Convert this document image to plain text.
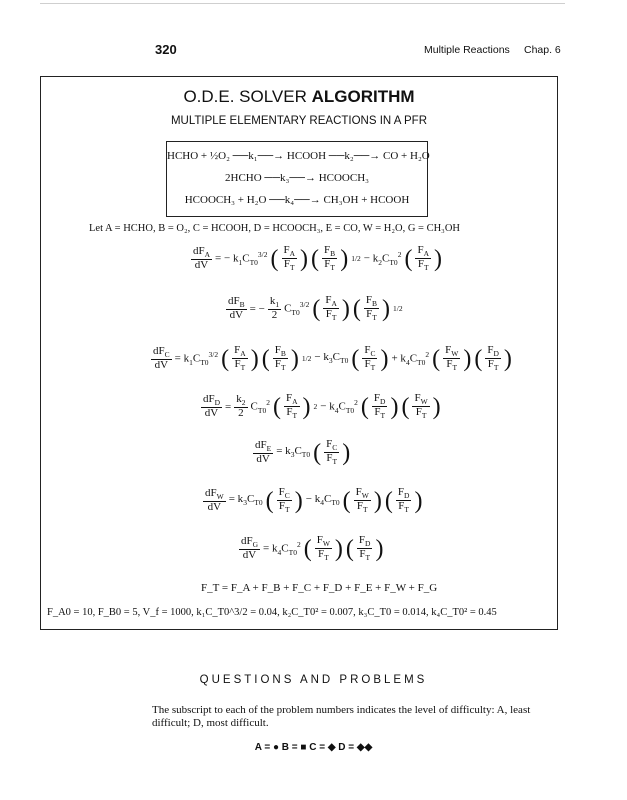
320	Multiple Reactions Chap. 6
O.D.E. SOLVER ALGORITHM
MULTIPLE ELEMENTARY REACTIONS IN A PFR
HCHO + ½O₂ ──k₁──→ HCOOH ──k₂──→ CO + H₂O
2HCHO ──k₃──→ HCOOCH₃
HCOOCH₃ + H₂O ──k₄──→ CH₃OH + HCOOH
Let A = HCHO, B = O₂, C = HCOOH, D = HCOOCH₃, E = CO, W = H₂O, G = CH₃OH
$\frac{dF_A}{dV}$ = − $k_1C_{T0}^{3/2}$ ( $\frac{F_A}{F_T}$ ) ( $\frac{F_B}{F_T}$ ) $1/2 - k_2C_{T0}^2$ ( $\frac{F_A}{F_T}$ )
$\frac{dF_B}{dV}$ = − $\frac{k_1}{2} C_{T0}^{3/2}$ ( $\frac{F_A}{F_T}$ ) ( $\frac{F_B}{F_T}$ ) 1/2
$\frac{dF_C}{dV} = k_1C_{T0}^{3/2}$ ( $\frac{F_A}{F_T}$ ) ( $\frac{F_B}{F_T}$ ) $1/2 - k_3C_{T0}$ ( $\frac{F_C}{F_T}$ ) + $k_4C_{T0}^2$ ( $\frac{F_W}{F_T}$ ) ( $\frac{F_D}{F_T}$ )
$\frac{dF_D}{dV} = \frac{k_2}{2} C_{T0}^2$ ( $\frac{F_A}{F_T}$ ) $2 - k_4C_{T0}^2$ ( $\frac{F_D}{F_T}$ ) ( $\frac{F_W}{F_T}$ )
$\frac{dF_E}{dV} = k_3C_{T0}$ ( $\frac{F_C}{F_T}$ )
$\frac{dF_W}{dV} = k_3C_{T0}$ ( $\frac{F_C}{F_T}$ ) − $k_4C_{T0}$ ( $\frac{F_W}{F_T}$ ) ( $\frac{F_D}{F_T}$ )
$\frac{dF_G}{dV} = k_4C_{T0}^2$ ( $\frac{F_W}{F_T}$ ) ( $\frac{F_D}{F_T}$ )
F_T = F_A + F_B + F_C + F_D + F_E + F_W + F_G
F_A0 = 10, F_B0 = 5, V_f = 1000, k₁C_T0^3/2 = 0.04, k₂C_T0² = 0.007, k₃C_T0 = 0.014, k₄C_T0² = 0.45
QUESTIONS AND PROBLEMS
The subscript to each of the problem numbers indicates the level of difficulty: A, least difficult; D, most difficult.
A = ● B = ■ C = ◆ D = ◆◆
